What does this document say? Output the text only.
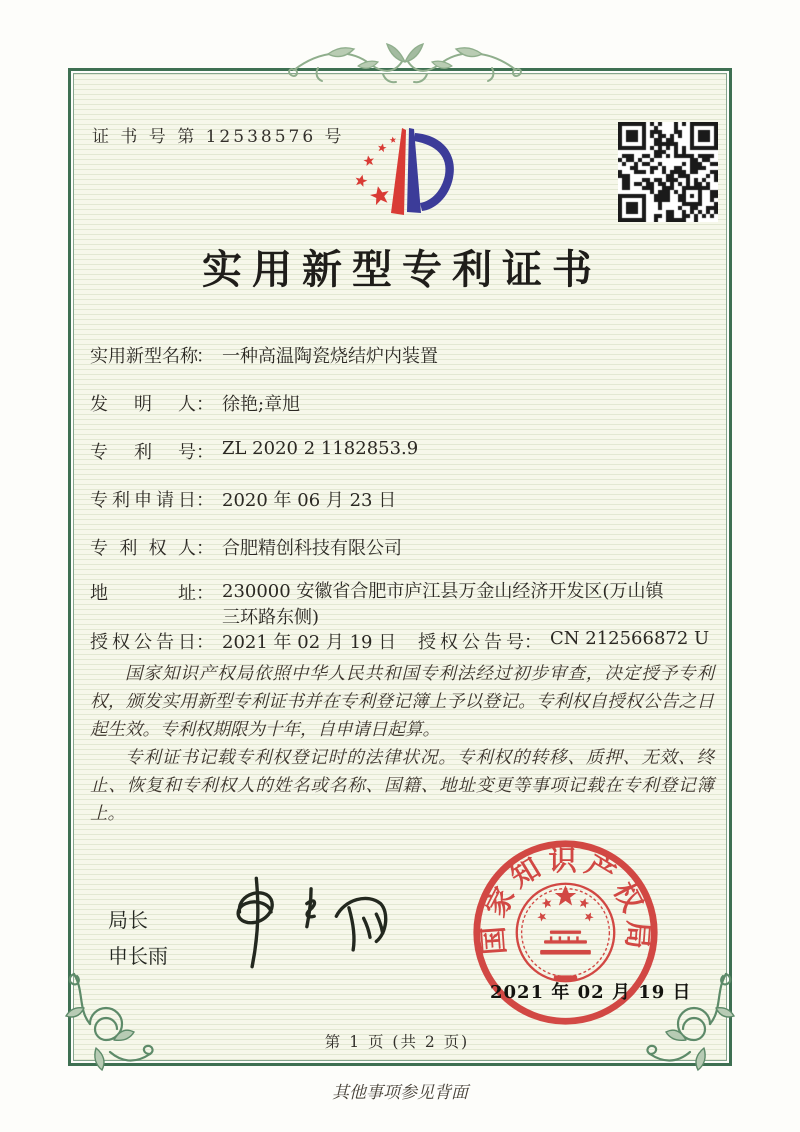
证 书 号 第 12538576 号
实用新型专利证书
实用新型名称： 一种高温陶瓷烧结炉内装置
发明人： 徐艳;章旭
专利号： ZL 2020 2 1182853.9
专利申请日： 2020 年 06 月 23 日
专利权人： 合肥精创科技有限公司
地址： 230000 安徽省合肥市庐江县万金山经济开发区(万山镇三环路东侧)
授权公告日： 2021 年 02 月 19 日 授权公告号： CN 212566872 U

国家知识产权局依照中华人民共和国专利法经过初步审查，决定授予专利权，颁发实用新型专利证书并在专利登记簿上予以登记。专利权自授权公告之日起生效。专利权期限为十年，自申请日起算。

专利证书记载专利权登记时的法律状况。专利权的转移、质押、无效、终止、恢复和专利权人的姓名或名称、国籍、地址变更等事项记载在专利登记簿上。

局长
申长雨
国家知识产权局
2021 年 02 月 19 日
第 1 页 (共 2 页)
其他事项参见背面
